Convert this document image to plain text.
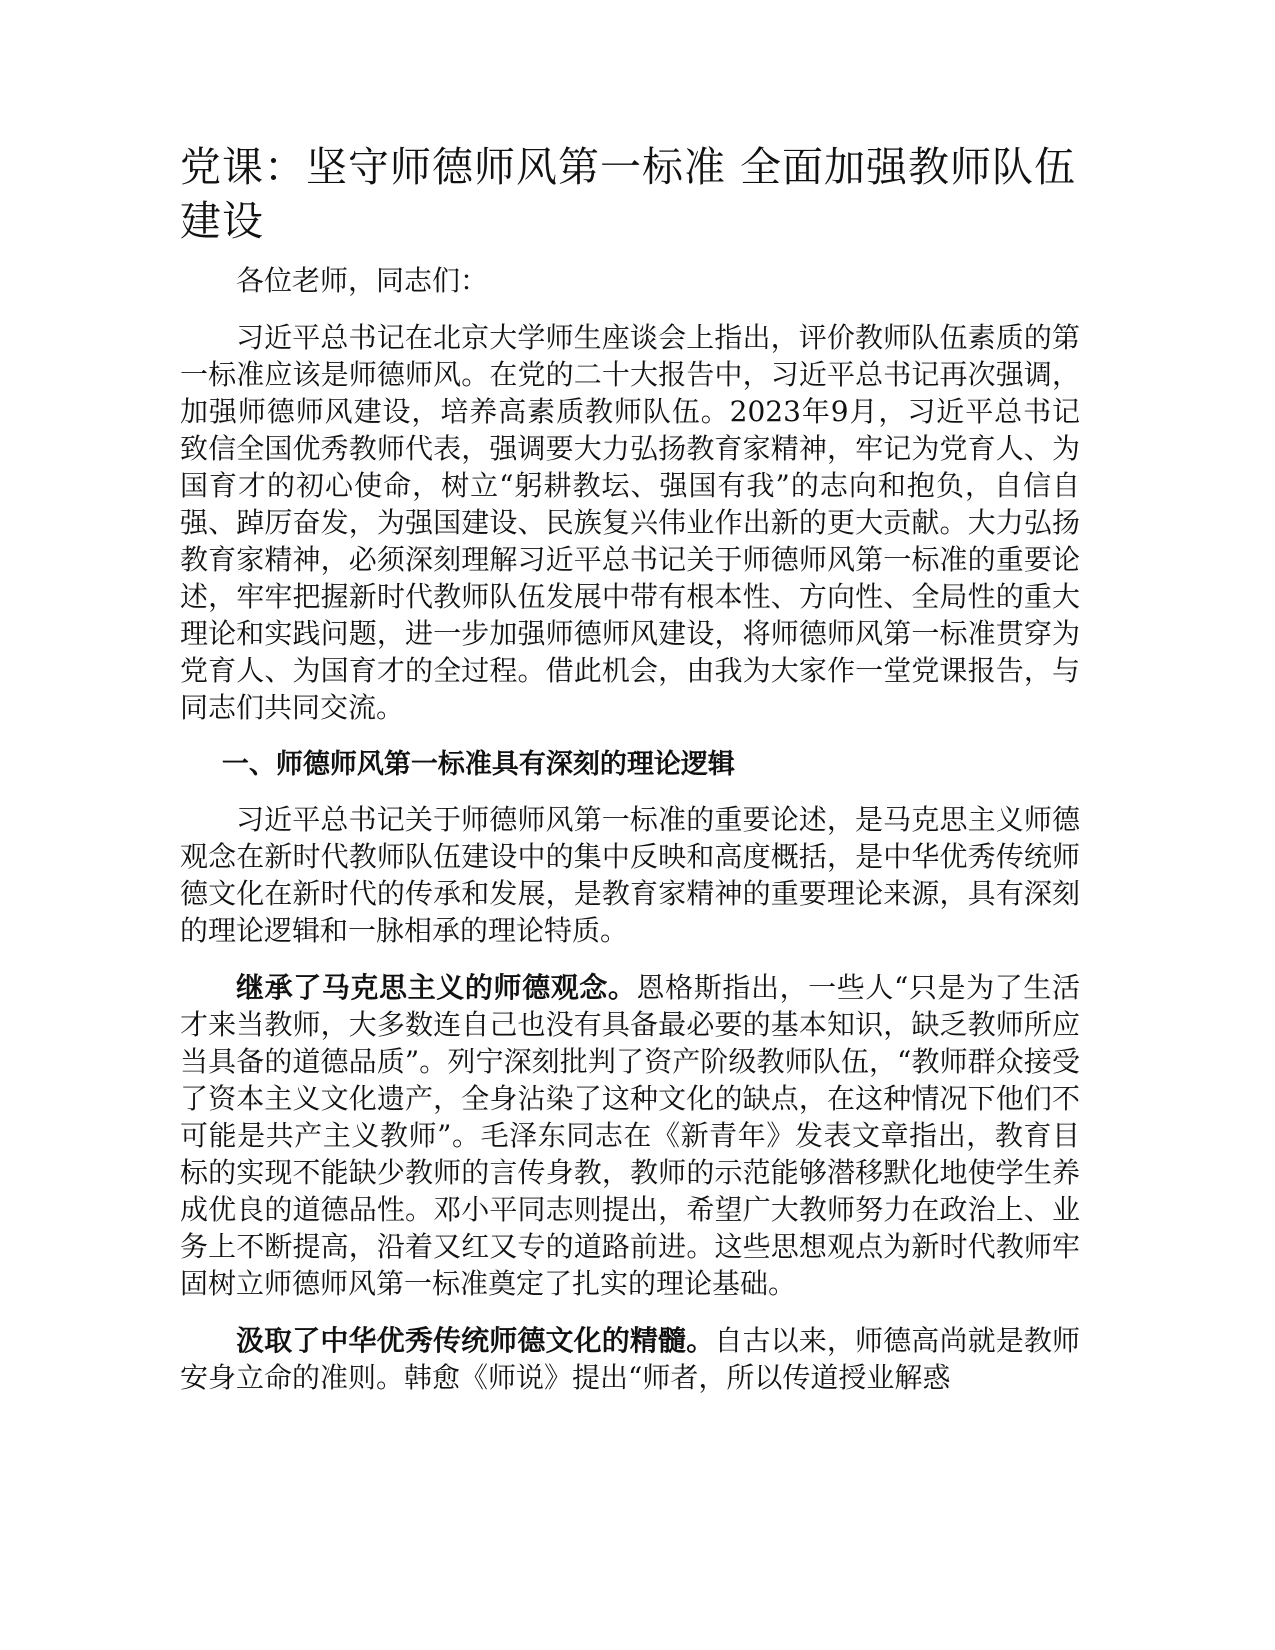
党课：坚守师德师风第一标准 全面加强教师队伍建设

各位老师，同志们：

习近平总书记在北京大学师生座谈会上指出，评价教师队伍素质的第一标准应该是师德师风。在党的二十大报告中，习近平总书记再次强调，加强师德师风建设，培养高素质教师队伍。2023年9月，习近平总书记致信全国优秀教师代表，强调要大力弘扬教育家精神，牢记为党育人、为国育才的初心使命，树立“躬耕教坛、强国有我”的志向和抱负，自信自强、踔厉奋发，为强国建设、民族复兴伟业作出新的更大贡献。大力弘扬教育家精神，必须深刻理解习近平总书记关于师德师风第一标准的重要论述，牢牢把握新时代教师队伍发展中带有根本性、方向性、全局性的重大理论和实践问题，进一步加强师德师风建设，将师德师风第一标准贯穿为党育人、为国育才的全过程。借此机会，由我为大家作一堂党课报告，与同志们共同交流。

一、师德师风第一标准具有深刻的理论逻辑

习近平总书记关于师德师风第一标准的重要论述，是马克思主义师德观念在新时代教师队伍建设中的集中反映和高度概括，是中华优秀传统师德文化在新时代的传承和发展，是教育家精神的重要理论来源，具有深刻的理论逻辑和一脉相承的理论特质。

继承了马克思主义的师德观念。恩格斯指出，一些人“只是为了生活才来当教师，大多数连自己也没有具备最必要的基本知识，缺乏教师所应当具备的道德品质”。列宁深刻批判了资产阶级教师队伍，“教师群众接受了资本主义文化遗产，全身沾染了这种文化的缺点，在这种情况下他们不可能是共产主义教师”。毛泽东同志在《新青年》发表文章指出，教育目标的实现不能缺少教师的言传身教，教师的示范能够潜移默化地使学生养成优良的道德品性。邓小平同志则提出，希望广大教师努力在政治上、业务上不断提高，沿着又红又专的道路前进。这些思想观点为新时代教师牢固树立师德师风第一标准奠定了扎实的理论基础。

汲取了中华优秀传统师德文化的精髓。自古以来，师德高尚就是教师安身立命的准则。韩愈《师说》提出“师者，所以传道授业解惑
